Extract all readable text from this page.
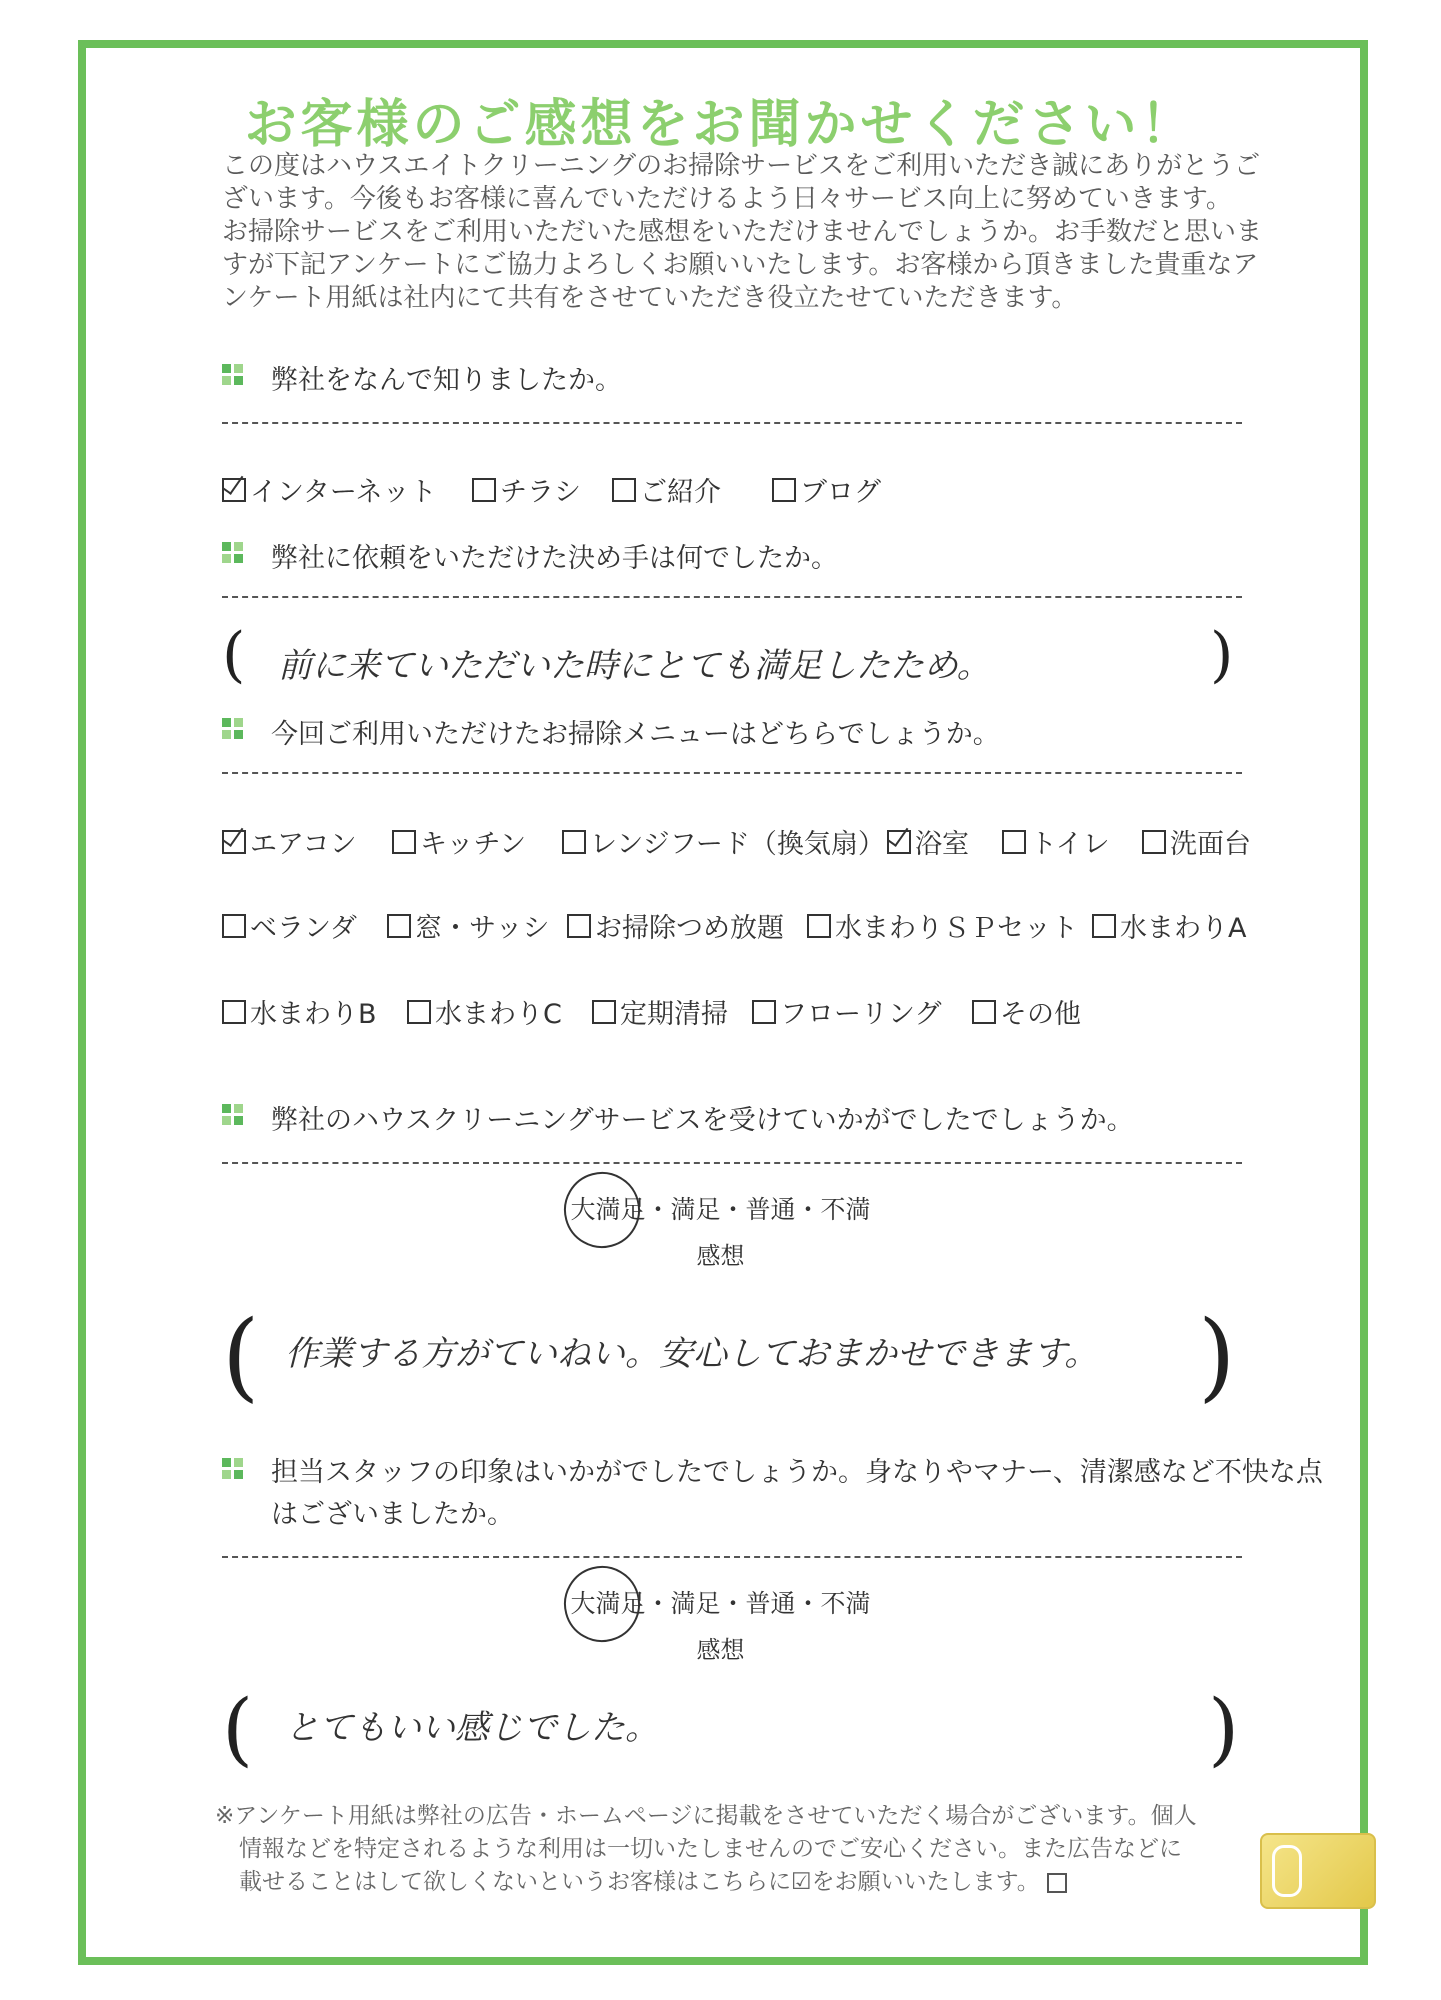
お客様のご感想をお聞かせください！
この度はハウスエイトクリーニングのお掃除サービスをご利用いただき誠にありがとうご
ざいます。今後もお客様に喜んでいただけるよう日々サービス向上に努めていきます。
お掃除サービスをご利用いただいた感想をいただけませんでしょうか。お手数だと思いま
すが下記アンケートにご協力よろしくお願いいたします。お客様から頂きました貴重なア
ンケート用紙は社内にて共有をさせていただき役立たせていただきます。
弊社をなんで知りましたか。
インターネット チラシ ご紹介	ブログ
弊社に依頼をいただけた決め手は何でしたか。
( 前に来ていただいた時にとても満足したため。	)
今回ご利用いただけたお掃除メニューはどちらでしょうか。
エアコン キッチン レンジフード（換気扇） 浴室 トイレ 洗面台
ベランダ 窓・サッシ お掃除つめ放題 水まわりＳＰセット 水まわりA
水まわりB 水まわりC 定期清掃 フローリング その他
弊社のハウスクリーニングサービスを受けていかがでしたでしょうか。
大満足・満足・普通・不満
感想
( 作業する方がていねい。安心しておまかせできます。 )
担当スタッフの印象はいかがでしたでしょうか。身なりやマナー、清潔感など不快な点
はございましたか。
大満足・満足・普通・不満
感想
( とてもいい感じでした。	)
※アンケート用紙は弊社の広告・ホームページに掲載をさせていただく場合がございます。個人
情報などを特定されるような利用は一切いたしませんのでご安心ください。また広告などに
載せることはして欲しくないというお客様はこちらに☑をお願いいたします。
